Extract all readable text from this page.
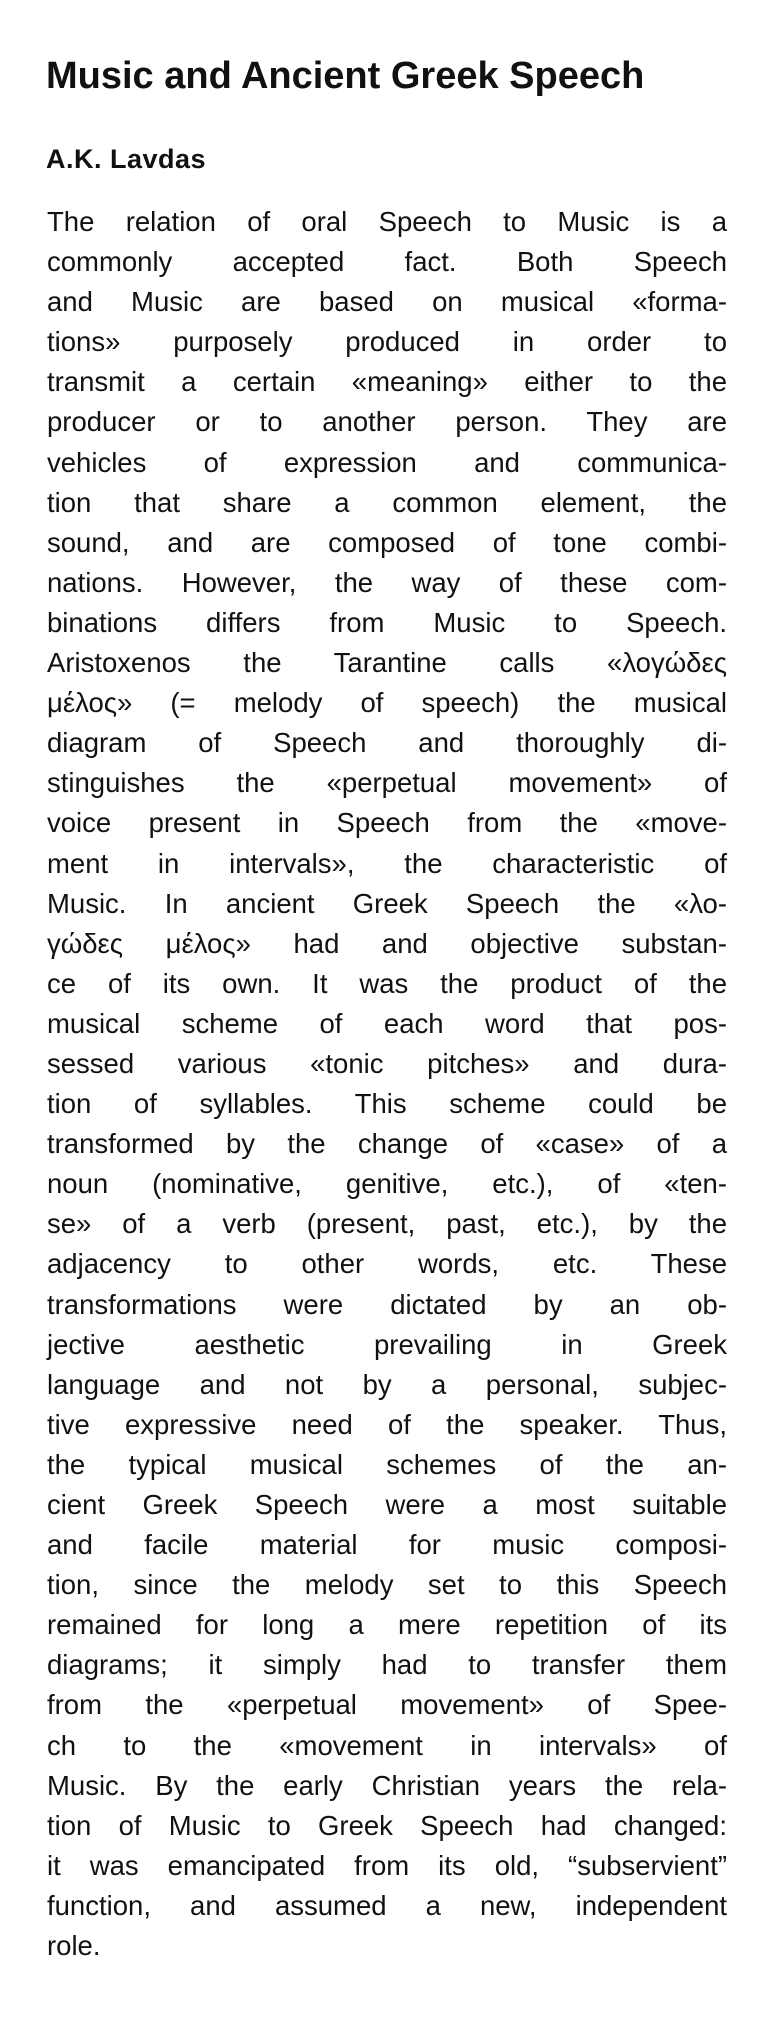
Music and Ancient Greek Speech
A.K. Lavdas
The relation of oral Speech to Music is a
commonly accepted fact. Both Speech
and Music are based on musical «forma-
tions» purposely produced in order to
transmit a certain «meaning» either to the
producer or to another person. They are
vehicles of expression and communica-
tion that share a common element, the
sound, and are composed of tone combi-
nations. However, the way of these com-
binations differs from Music to Speech.
Aristoxenos the Tarantine calls «λογώδες
μέλος» (= melody of speech) the musical
diagram of Speech and thoroughly di-
stinguishes the «perpetual movement» of
voice present in Speech from the «move-
ment in intervals», the characteristic of
Music. In ancient Greek Speech the «λο-
γώδες μέλος» had and objective substan-
ce of its own. It was the product of the
musical scheme of each word that pos-
sessed various «tonic pitches» and dura-
tion of syllables. This scheme could be
transformed by the change of «case» of a
noun (nominative, genitive, etc.), of «ten-
se» of a verb (present, past, etc.), by the
adjacency to other words, etc. These
transformations were dictated by an ob-
jective aesthetic prevailing in Greek
language and not by a personal, subjec-
tive expressive need of the speaker. Thus,
the typical musical schemes of the an-
cient Greek Speech were a most suitable
and facile material for music composi-
tion, since the melody set to this Speech
remained for long a mere repetition of its
diagrams; it simply had to transfer them
from the «perpetual movement» of Spee-
ch to the «movement in intervals» of
Music. By the early Christian years the rela-
tion of Music to Greek Speech had changed:
it was emancipated from its old, “subservient”
function, and assumed a new, independent
role.
